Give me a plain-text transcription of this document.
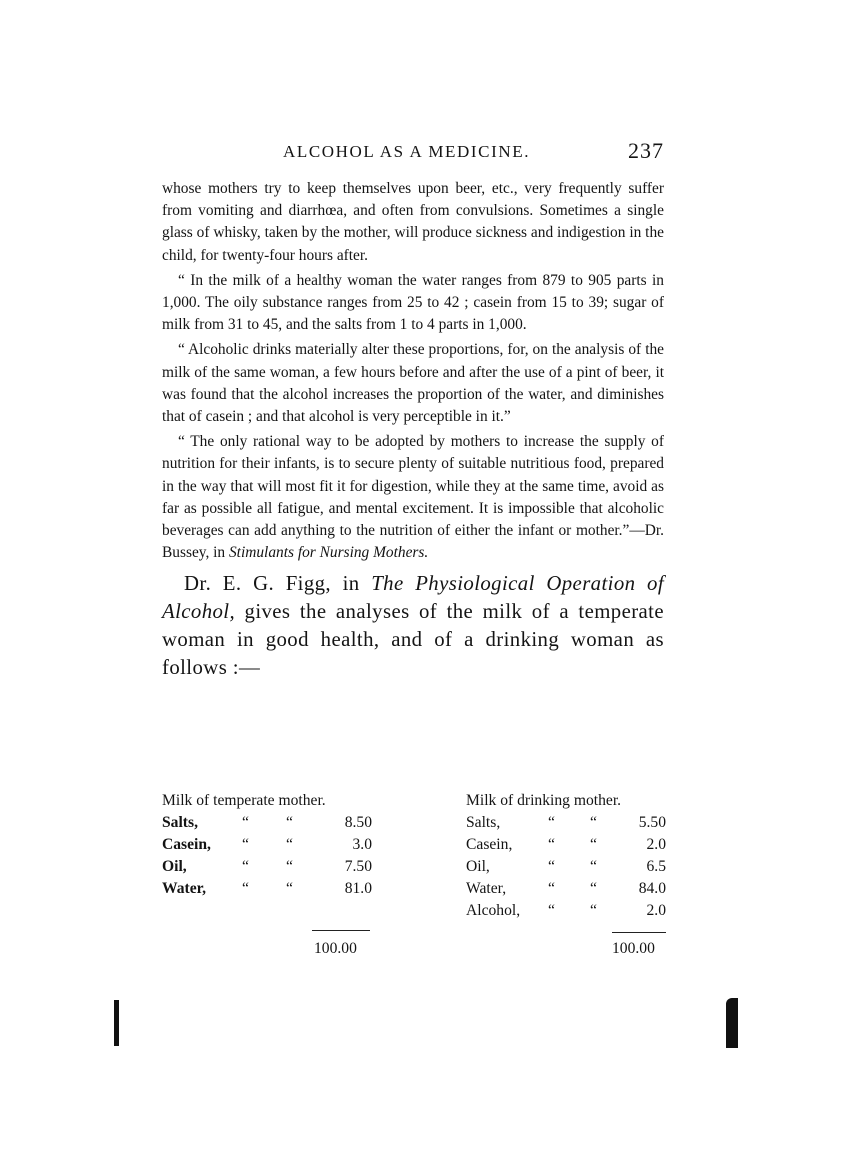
ALCOHOL AS A MEDICINE.	237

whose mothers try to keep themselves upon beer, etc., very frequently suffer from vomiting and diarrhœa, and often from convulsions. Sometimes a single glass of whisky, taken by the mother, will produce sickness and indigestion in the child, for twenty-four hours after.

“ In the milk of a healthy woman the water ranges from 879 to 905 parts in 1,000. The oily substance ranges from 25 to 42 ; casein from 15 to 39; sugar of milk from 31 to 45, and the salts from 1 to 4 parts in 1,000.

“ Alcoholic drinks materially alter these proportions, for, on the analysis of the milk of the same woman, a few hours before and after the use of a pint of beer, it was found that the alcohol increases the proportion of the water, and diminishes that of casein ; and that alcohol is very perceptible in it.”

“ The only rational way to be adopted by mothers to increase the supply of nutrition for their infants, is to secure plenty of suitable nutritious food, prepared in the way that will most fit it for digestion, while they at the same time, avoid as far as possible all fatigue, and mental excitement. It is impossible that alcoholic beverages can add anything to the nutrition of either the infant or mother.”—Dr. Bussey, in Stimulants for Nursing Mothers.

Dr. E. G. Figg, in The Physiological Operation of Alcohol, gives the analyses of the milk of a temperate woman in good health, and of a drinking woman as follows :—

Milk of temperate mother.
Salts,	“ “	8.50
Casein, “ “	3.0
Oil,	“ “	7.50
Water, “ “	81.0
100.00
Milk of drinking mother.
Salts,	“ “	5.50
Casein, “ “	2.0
Oil,	“ “	6.5
Water,	“ “	84.0
Alcohol, “ “	2.0
100.00
